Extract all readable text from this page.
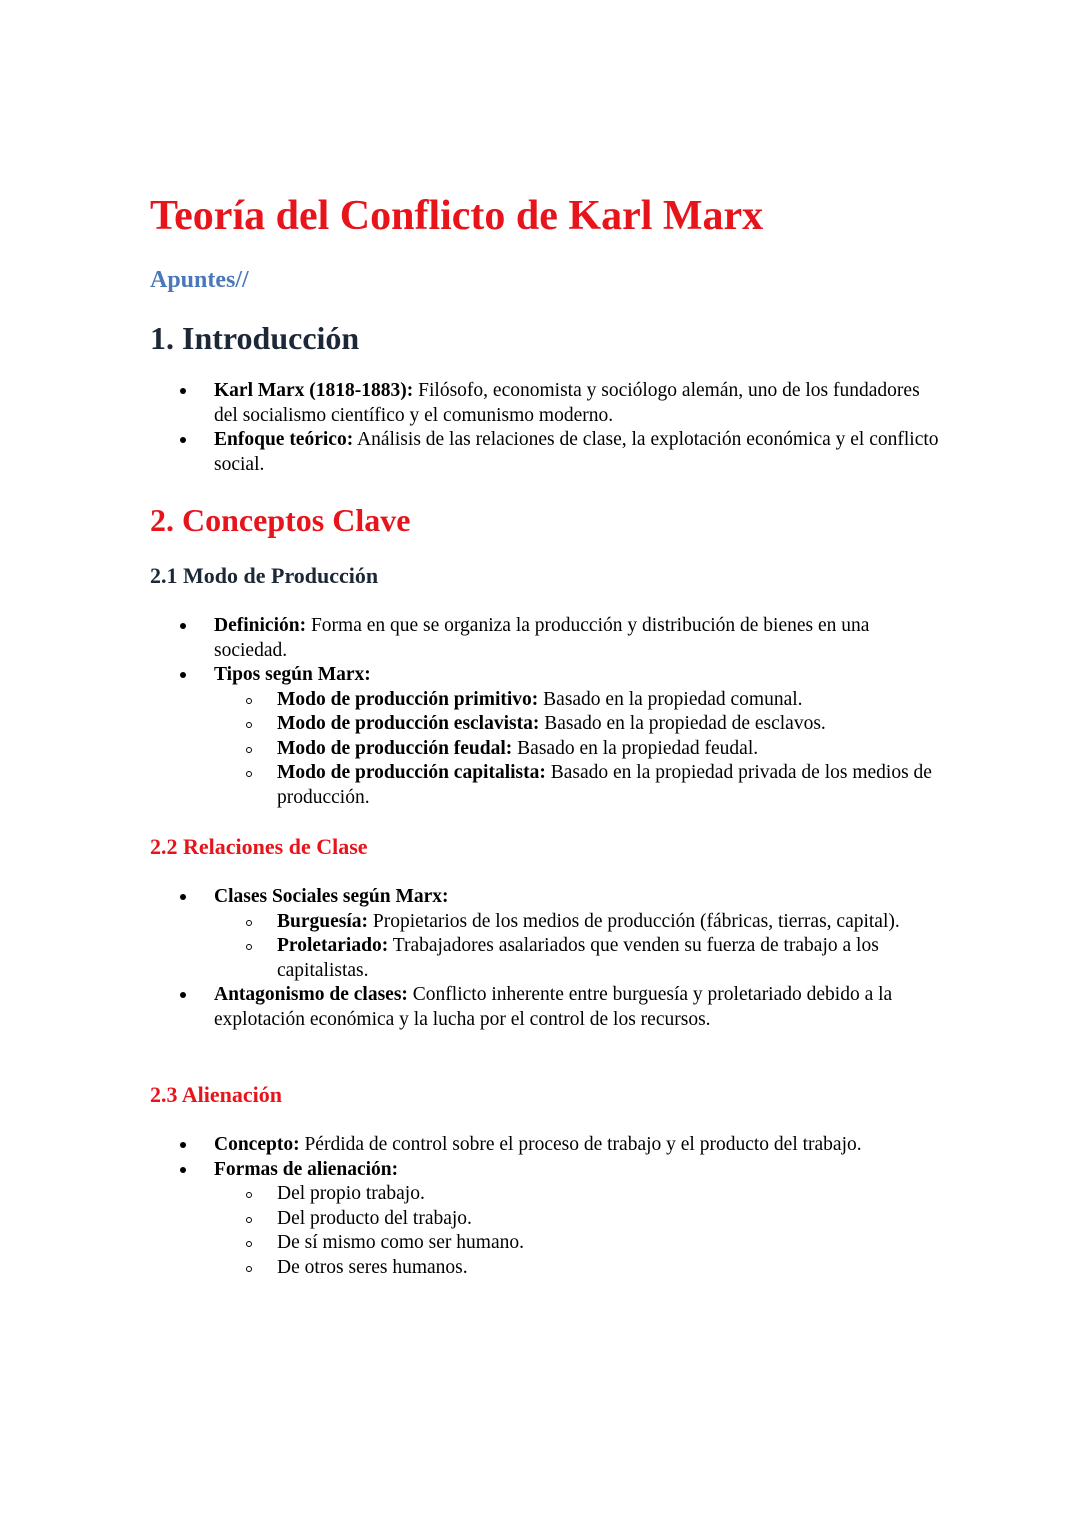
Teoría del Conflicto de Karl Marx
Apuntes//
1. Introducción
Karl Marx (1818-1883): Filósofo, economista y sociólogo alemán, uno de los fundadores del socialismo científico y el comunismo moderno.
Enfoque teórico: Análisis de las relaciones de clase, la explotación económica y el conflicto social.
2. Conceptos Clave
2.1 Modo de Producción
Definición: Forma en que se organiza la producción y distribución de bienes en una sociedad.
Tipos según Marx:
Modo de producción primitivo: Basado en la propiedad comunal.
Modo de producción esclavista: Basado en la propiedad de esclavos.
Modo de producción feudal: Basado en la propiedad feudal.
Modo de producción capitalista: Basado en la propiedad privada de los medios de producción.
2.2 Relaciones de Clase
Clases Sociales según Marx:
Burguesía: Propietarios de los medios de producción (fábricas, tierras, capital).
Proletariado: Trabajadores asalariados que venden su fuerza de trabajo a los capitalistas.
Antagonismo de clases: Conflicto inherente entre burguesía y proletariado debido a la explotación económica y la lucha por el control de los recursos.
2.3 Alienación
Concepto: Pérdida de control sobre el proceso de trabajo y el producto del trabajo.
Formas de alienación:
Del propio trabajo.
Del producto del trabajo.
De sí mismo como ser humano.
De otros seres humanos.
